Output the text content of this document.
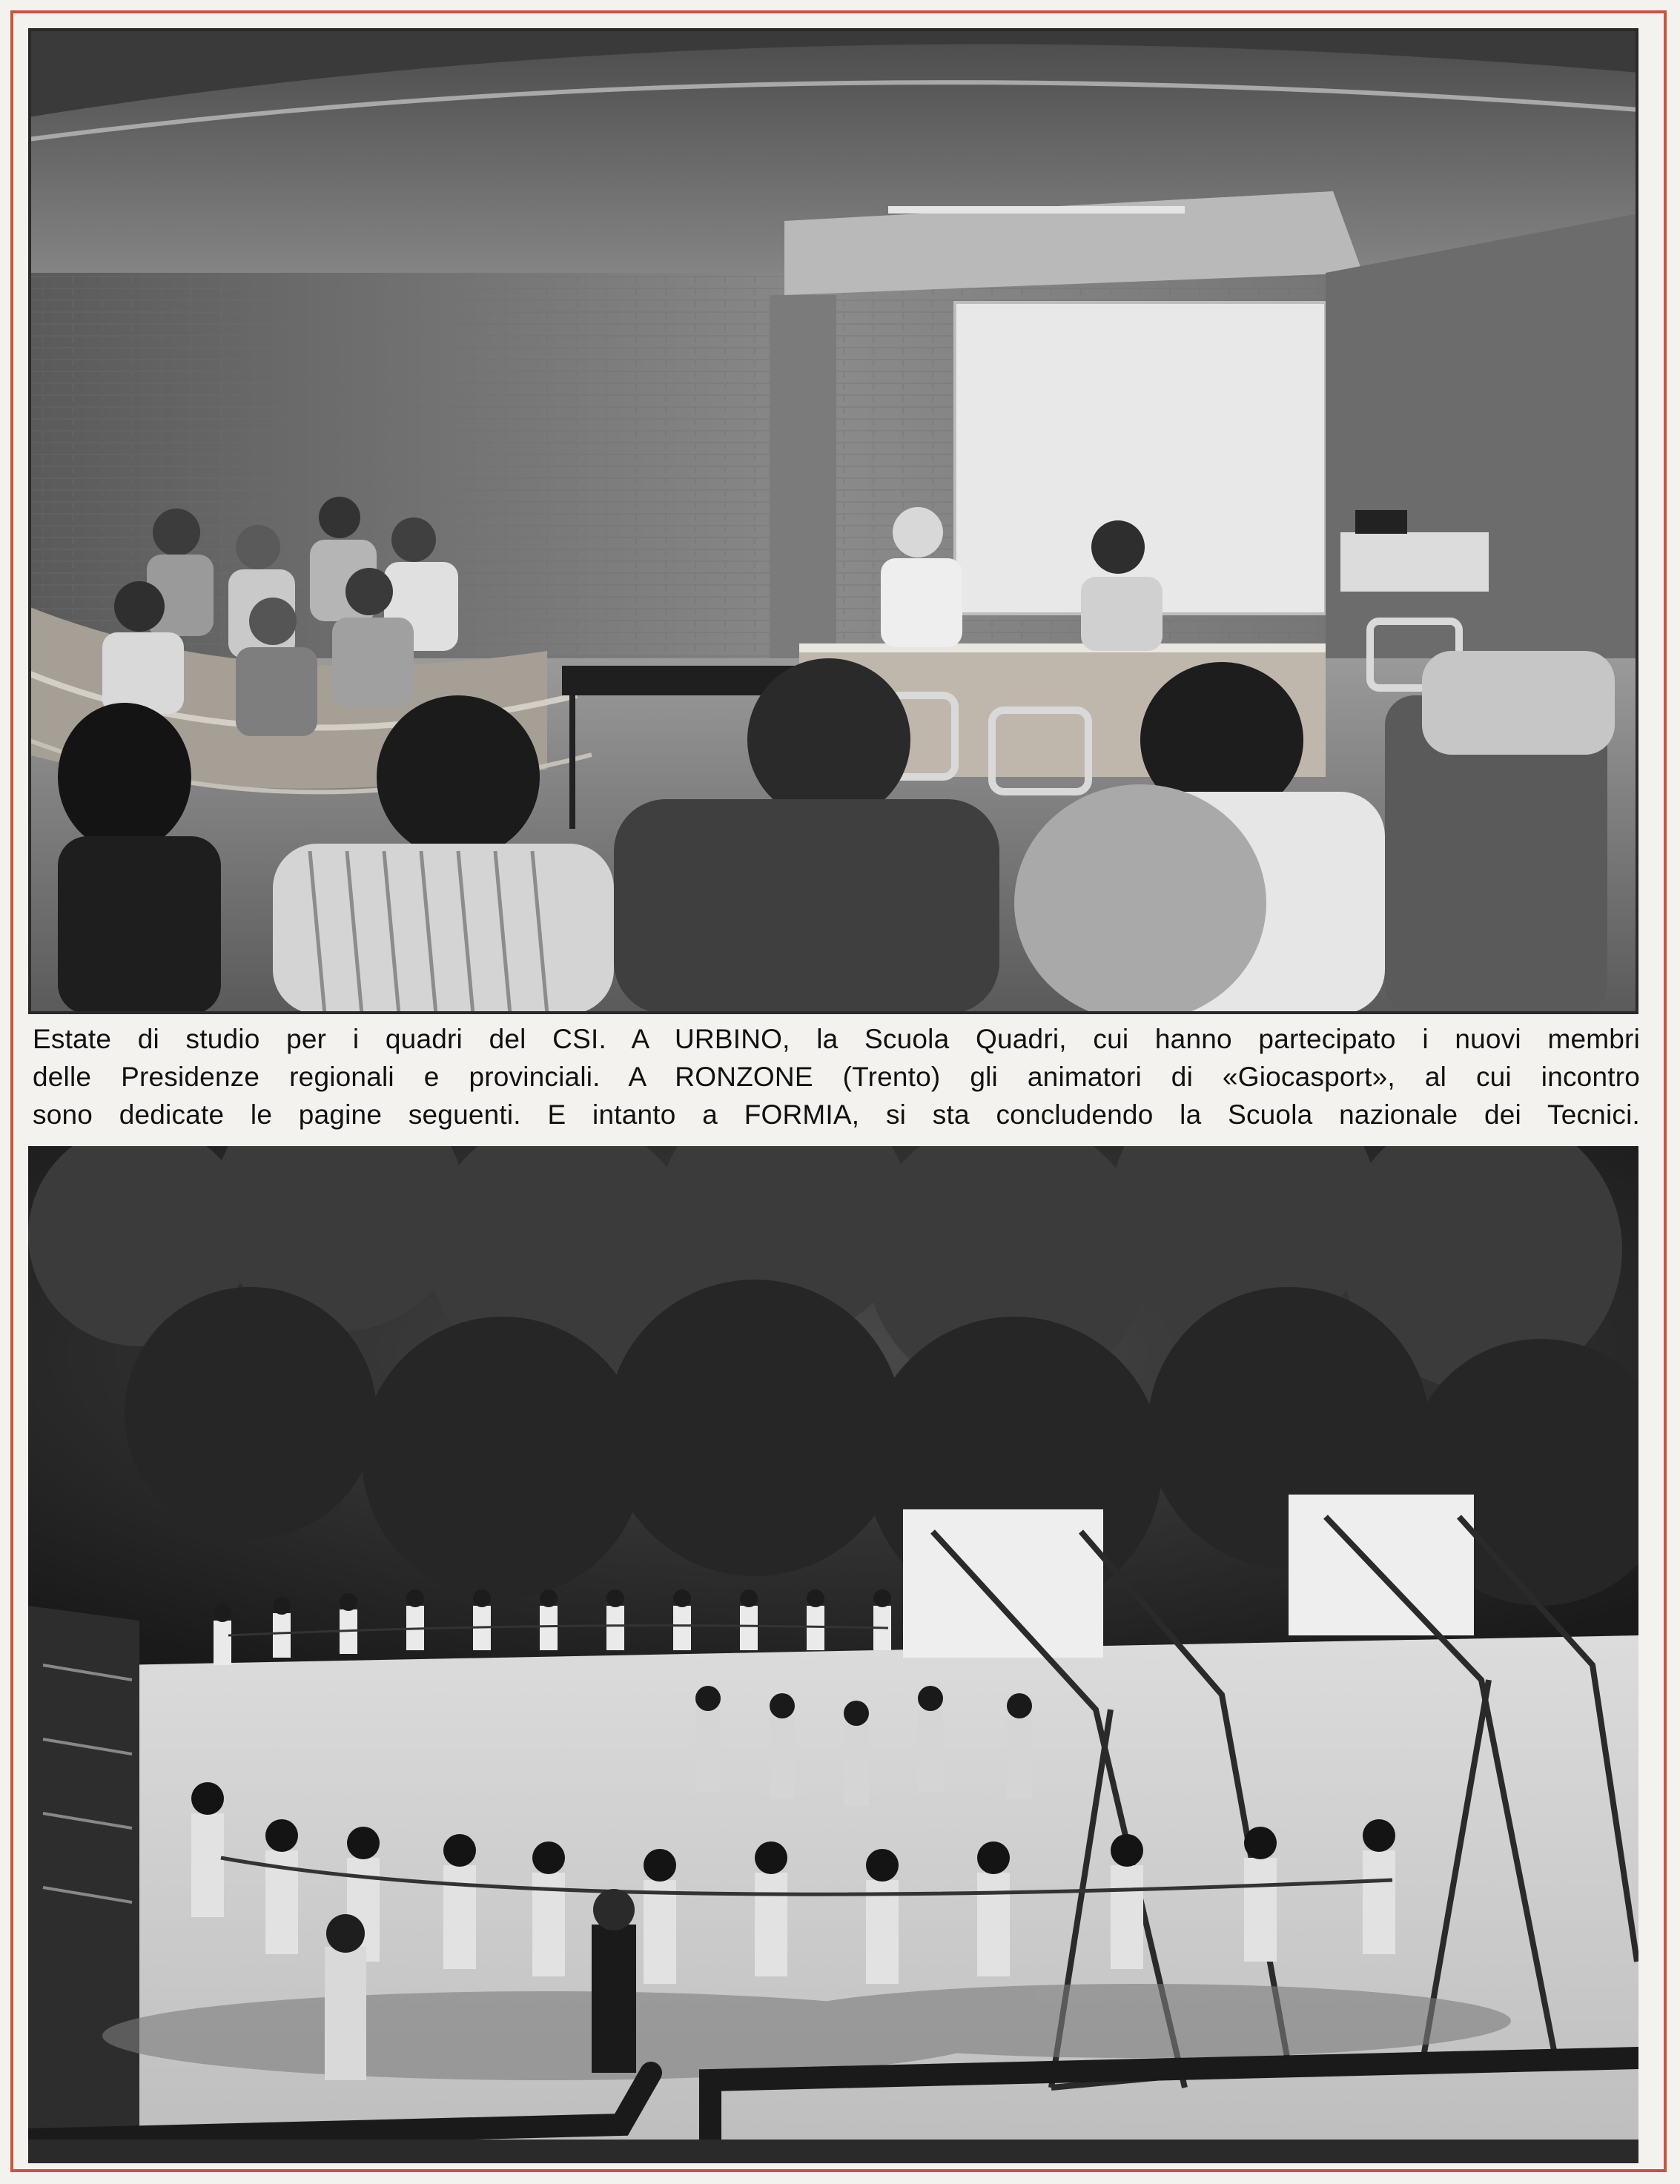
Estate di studio per i quadri del CSI. A URBINO, la Scuola Quadri, cui hanno partecipato i nuovi membri
delle Presidenze regionali e provinciali. A RONZONE (Trento) gli animatori di «Giocasport», al cui incontro
sono dedicate le pagine seguenti. E intanto a FORMIA, si sta concludendo la Scuola nazionale dei Tecnici.
